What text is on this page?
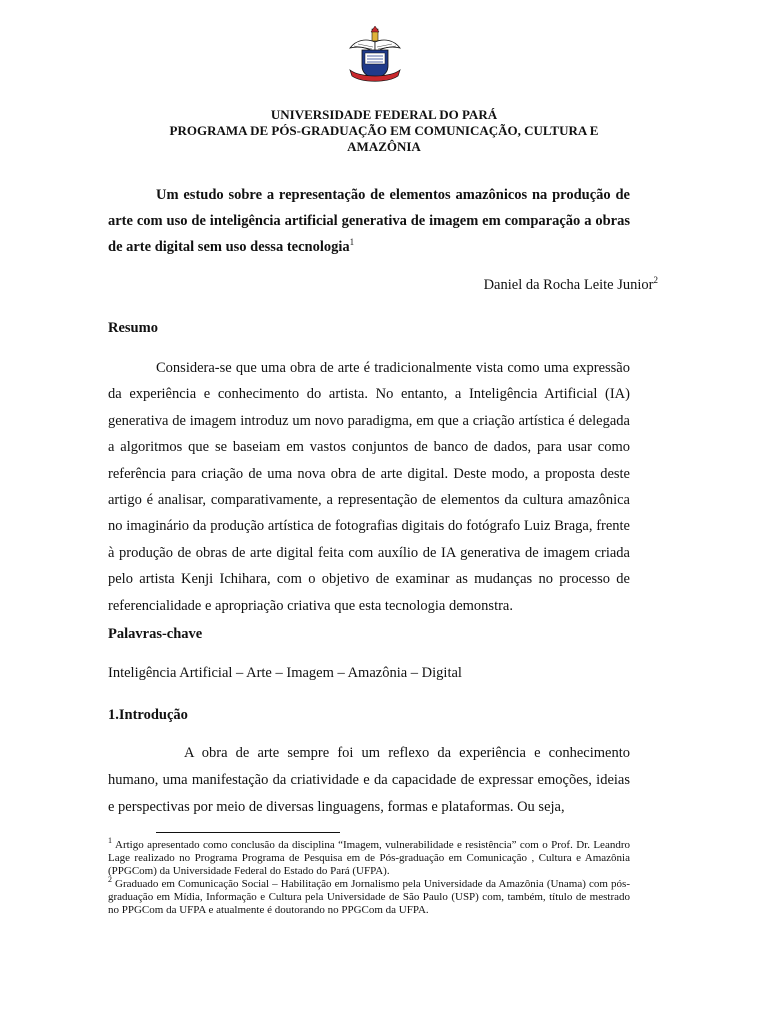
UNIVERSIDADE FEDERAL DO PARÁ
PROGRAMA DE PÓS-GRADUAÇÃO EM COMUNICAÇÃO, CULTURA E
AMAZÔNIA
Um estudo sobre a representação de elementos amazônicos na produção de arte com uso de inteligência artificial generativa de imagem em comparação a obras de arte digital sem uso dessa tecnologia$^1$
Daniel da Rocha Leite Junior$^2$
Resumo

Considera-se que uma obra de arte é tradicionalmente vista como uma expressão da experiência e conhecimento do artista. No entanto, a Inteligência Artificial (IA) generativa de imagem introduz um novo paradigma, em que a criação artística é delegada a algoritmos que se baseiam em vastos conjuntos de banco de dados, para usar como referência para criação de uma nova obra de arte digital. Deste modo, a proposta deste artigo é analisar, comparativamente, a representação de elementos da cultura amazônica no imaginário da produção artística de fotografias digitais do fotógrafo Luiz Braga, frente à produção de obras de arte digital feita com auxílio de IA generativa de imagem criada pelo artista Kenji Ichihara, com o objetivo de examinar as mudanças no processo de referencialidade e apropriação criativa que esta tecnologia demonstra.

Palavras-chave
Inteligência Artificial – Arte – Imagem – Amazônia – Digital
1.Introdução

A obra de arte sempre foi um reflexo da experiência e conhecimento humano, uma manifestação da criatividade e da capacidade de expressar emoções, ideias e perspectivas por meio de diversas linguagens, formas e plataformas. Ou seja,

$^1$ Artigo apresentado como conclusão da disciplina “Imagem, vulnerabilidade e resistência” com o Prof. Dr. Leandro Lage realizado no Programa Programa de Pesquisa em de Pós-graduação em Comunicação , Cultura e Amazônia (PPGCom) da Universidade Federal do Estado do Pará (UFPA).

$^2$ Graduado em Comunicação Social – Habilitação em Jornalismo pela Universidade da Amazônia (Unama) com pós-graduação em Mídia, Informação e Cultura pela Universidade de São Paulo (USP) com, também, título de mestrado no PPGCom da UFPA e atualmente é doutorando no PPGCom da UFPA.
